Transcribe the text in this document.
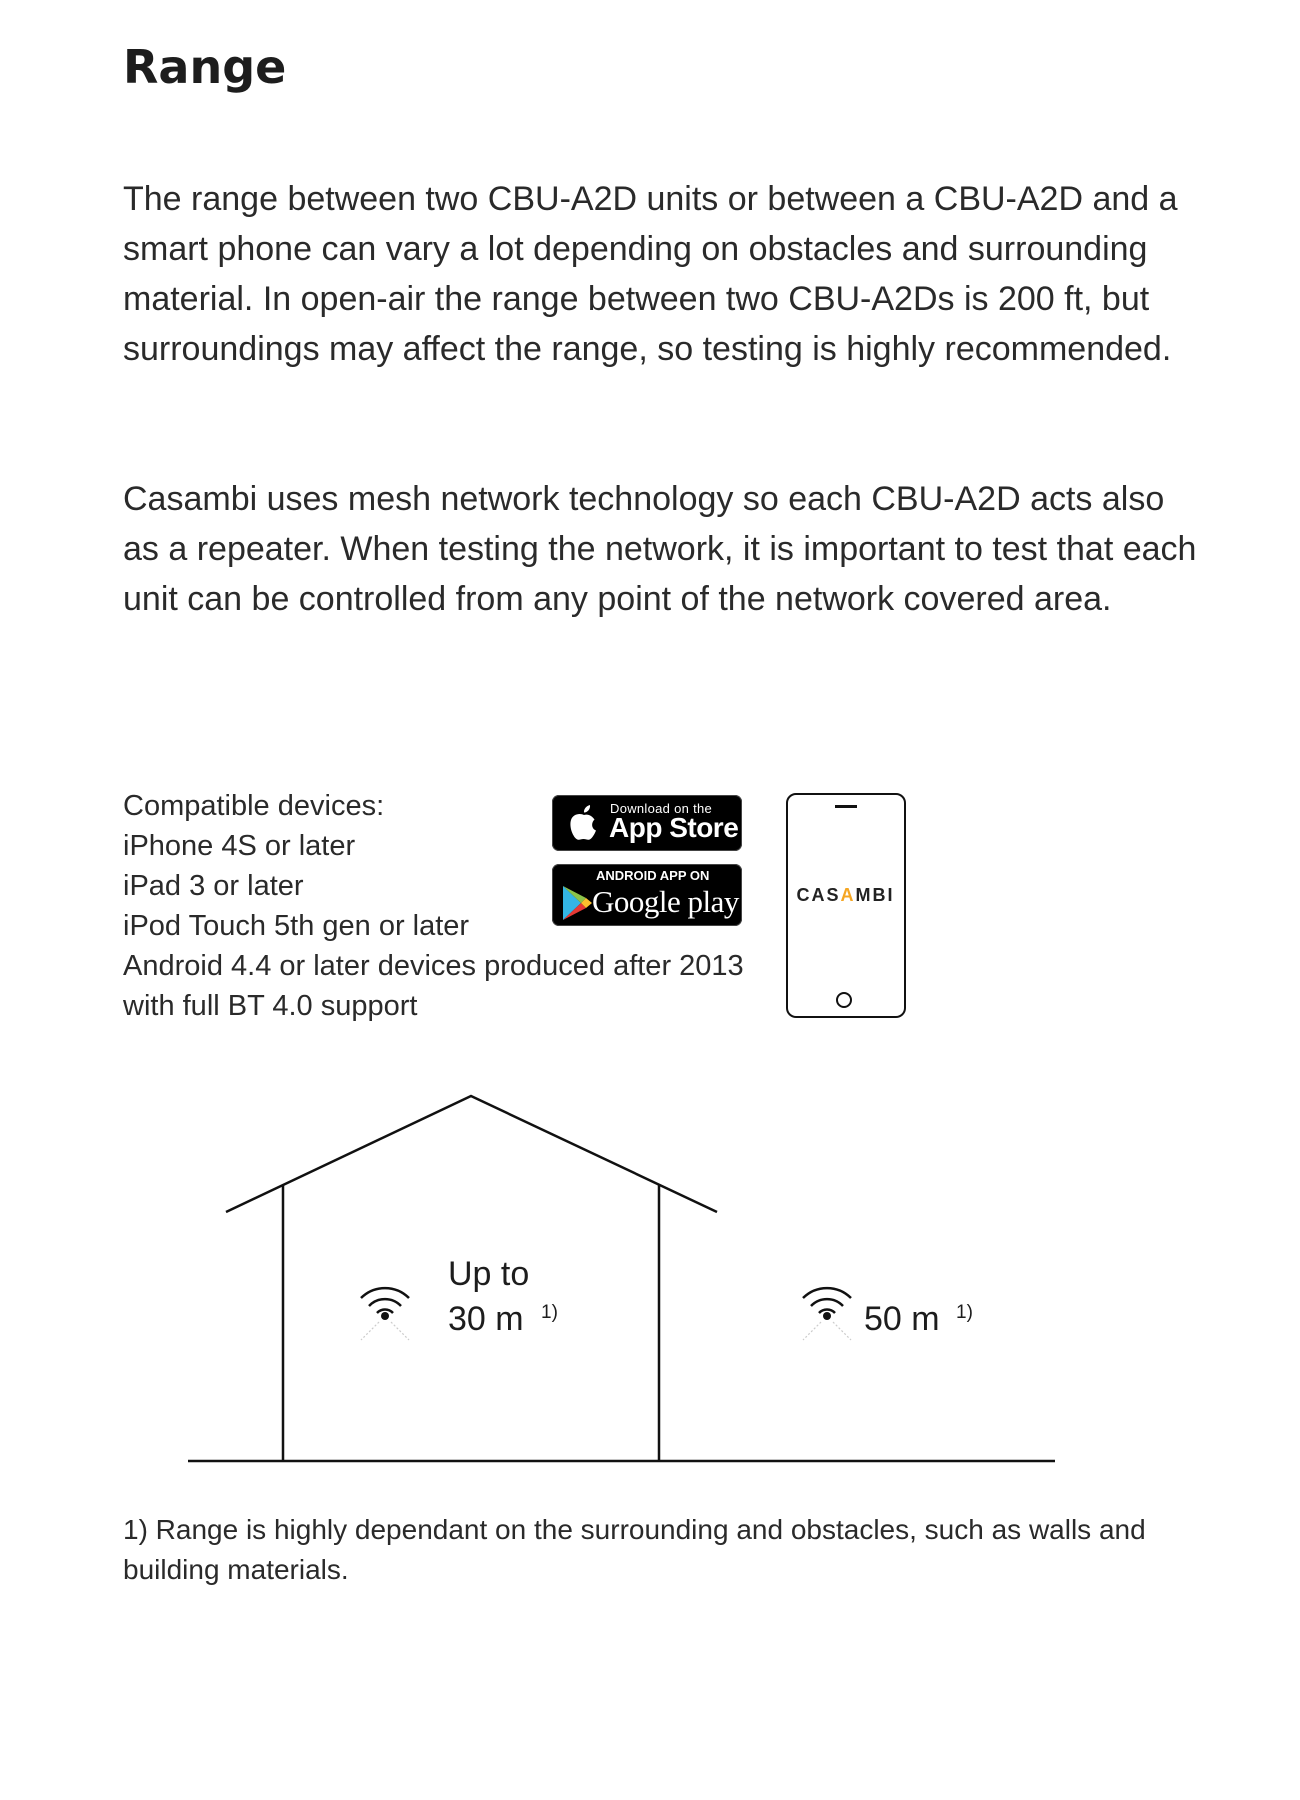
Range

The range between two CBU-A2D units or between a CBU-A2D and a smart phone can vary a lot depending on obstacles and surrounding material. In open-air the range between two CBU-A2Ds is 200 ft, but surroundings may affect the range, so testing is highly recommended.

Casambi uses mesh network technology so each CBU-A2D acts also as a repeater. When testing the network, it is important to test that each unit can be controlled from any point of the network covered area.

Compatible devices:
iPhone 4S or later
iPad 3 or later
iPod Touch 5th gen or later
Android 4.4 or later devices produced after 2013
with full BT 4.0 support
Download on the
App Store
ANDROID APP ON
Google play	CASAMBI
Up to
30 m 1)	50 m 1)

1) Range is highly dependant on the surrounding and obstacles, such as walls and building materials.
